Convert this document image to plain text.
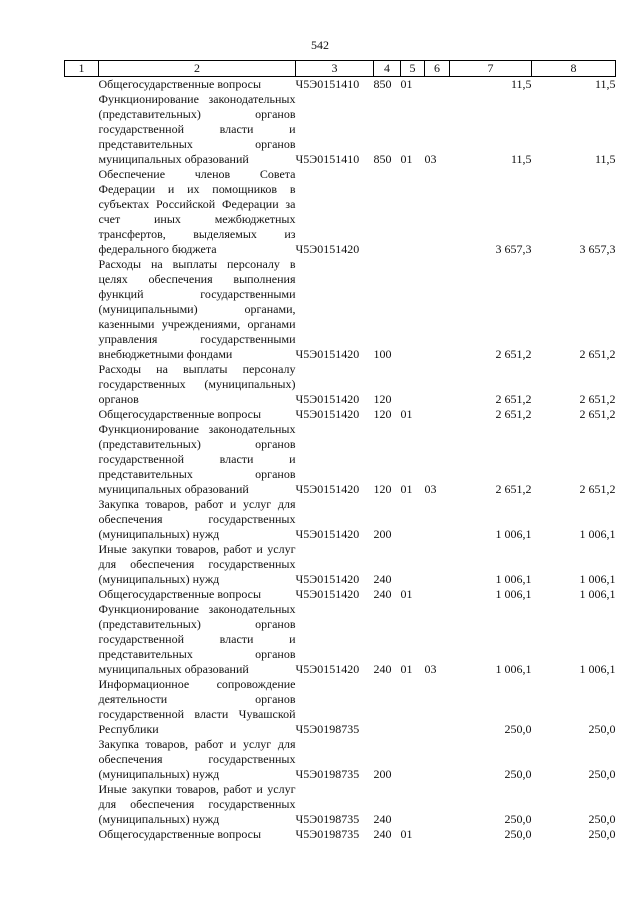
542
1	2	3	4	5	6	7	8
	Общегосударственные вопросы	Ч5Э0151410	850	01		11,5	11,5
	Функционирование законодательных (представительных) органов государственной власти и представительных органов муниципальных образований	Ч5Э0151410	850	01	03	11,5	11,5
	Обеспечение членов Совета Федерации и их помощников в субъектах Российской Федерации за счет иных межбюджетных трансфертов, выделяемых из федерального бюджета	Ч5Э0151420				3 657,3	3 657,3
	Расходы на выплаты персоналу в целях обеспечения выполнения функций государственными (муниципальными) органами, казенными учреждениями, органами управления государственными внебюджетными фондами	Ч5Э0151420	100			2 651,2	2 651,2
	Расходы на выплаты персоналу государственных (муниципальных) органов	Ч5Э0151420	120			2 651,2	2 651,2
	Общегосударственные вопросы	Ч5Э0151420	120	01		2 651,2	2 651,2
	Функционирование законодательных (представительных) органов государственной власти и представительных органов муниципальных образований	Ч5Э0151420	120	01	03	2 651,2	2 651,2
	Закупка товаров, работ и услуг для обеспечения государственных (муниципальных) нужд	Ч5Э0151420	200			1 006,1	1 006,1
	Иные закупки товаров, работ и услуг для обеспечения государственных (муниципальных) нужд	Ч5Э0151420	240			1 006,1	1 006,1
	Общегосударственные вопросы	Ч5Э0151420	240	01		1 006,1	1 006,1
	Функционирование законодательных (представительных) органов государственной власти и представительных органов муниципальных образований	Ч5Э0151420	240	01	03	1 006,1	1 006,1
	Информационное сопровождение деятельности органов государственной власти Чувашской Республики	Ч5Э0198735				250,0	250,0
	Закупка товаров, работ и услуг для обеспечения государственных (муниципальных) нужд	Ч5Э0198735	200			250,0	250,0
	Иные закупки товаров, работ и услуг для обеспечения государственных (муниципальных) нужд	Ч5Э0198735	240			250,0	250,0
	Общегосударственные вопросы	Ч5Э0198735	240	01		250,0	250,0
